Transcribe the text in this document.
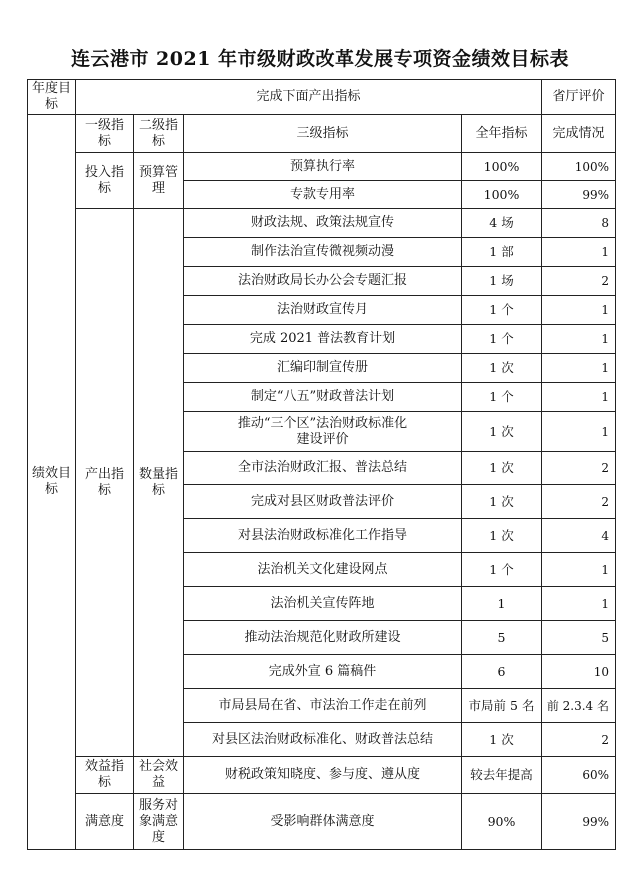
连云港市 2021 年市级财政改革发展专项资金绩效目标表
年度目标	完成下面产出指标				省厅评价
绩效目标	一级指标	二级指标	三级指标	全年指标	完成情况
	投入指标	预算管理	预算执行率	100%	100%
			专款专用率	100%	99%
	产出指标	数量指标	财政法规、政策法规宣传	4 场	8
			制作法治宣传微视频动漫	1 部	1
			法治财政局长办公会专题汇报	1 场	2
			法治财政宣传月	1 个	1
			完成 2021 普法教育计划	1 个	1
			汇编印制宣传册	1 次	1
			制定“八五”财政普法计划	1 个	1

			推动“三个区”法治财政标准化建设评价	1 次	1
			全市法治财政汇报、普法总结	1 次	2
			完成对县区财政普法评价	1 次	2
			对县法治财政标准化工作指导	1 次	4
			法治机关文化建设网点	1 个	1
			法治机关宣传阵地	1	1
			推动法治规范化财政所建设	5	5
			完成外宣 6 篇稿件	6	10
			市局县局在省、市法治工作走在前列	市局前 5 名	前 2.3.4 名
			对县区法治财政标准化、财政普法总结	1 次	2
	效益指标	社会效益	财税政策知晓度、参与度、遵从度	较去年提高	60%
	满意度	服务对象满意度	受影响群体满意度	90%	99%
